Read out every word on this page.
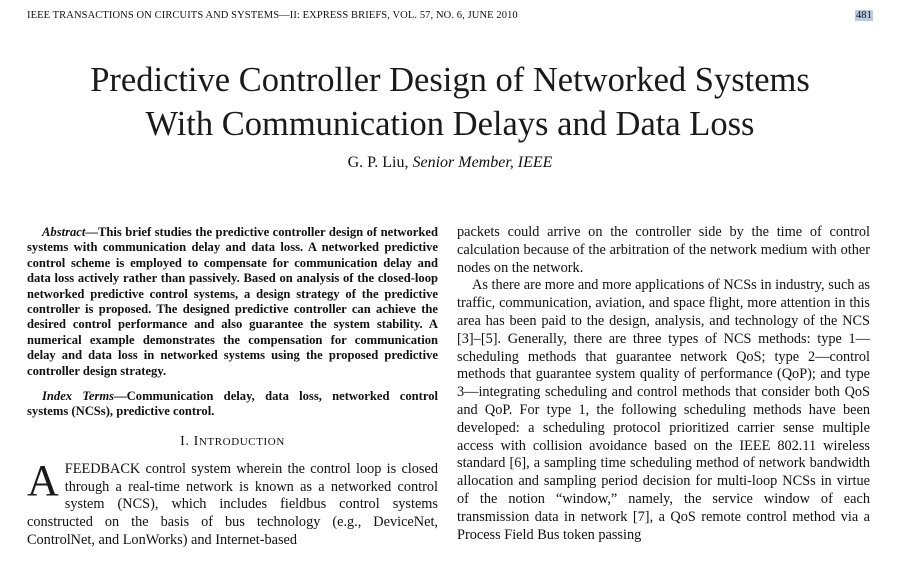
IEEE TRANSACTIONS ON CIRCUITS AND SYSTEMS—II: EXPRESS BRIEFS, VOL. 57, NO. 6, JUNE 2010	481
Predictive Controller Design of Networked Systems
With Communication Delays and Data Loss
G. P. Liu, Senior Member, IEEE

Abstract—This brief studies the predictive controller design of networked systems with communication delay and data loss. A networked predictive control scheme is employed to compensate for communication delay and data loss actively rather than passively. Based on analysis of the closed-loop networked predictive control systems, a design strategy of the predictive controller is proposed. The designed predictive controller can achieve the desired control performance and also guarantee the system stability. A numerical example demonstrates the compensation for communication delay and data loss in networked systems using the proposed predictive controller design strategy.

Index Terms—Communication delay, data loss, networked control systems (NCSs), predictive control.

I. INTRODUCTION
A FEEDBACK control system wherein the control loop is closed through a real-time network is known as a networked control system (NCS), which includes fieldbus control systems constructed on the basis of bus technology (e.g., DeviceNet, ControlNet, and LonWorks) and Internet-based

packets could arrive on the controller side by the time of control calculation because of the arbitration of the network medium with other nodes on the network.

As there are more and more applications of NCSs in industry, such as traffic, communication, aviation, and space flight, more attention in this area has been paid to the design, analysis, and technology of the NCS [3]–[5]. Generally, there are three types of NCS methods: type 1—scheduling methods that guarantee network QoS; type 2—control methods that guarantee system quality of performance (QoP); and type 3—integrating scheduling and control methods that consider both QoS and QoP. For type 1, the following scheduling methods have been developed: a scheduling protocol prioritized carrier sense multiple access with collision avoidance based on the IEEE 802.11 wireless standard [6], a sampling time scheduling method of network bandwidth allocation and sampling period decision for multi-loop NCSs in virtue of the notion “window,” namely, the service window of each transmission data in network [7], a QoS remote control method via a Process Field Bus token passing
